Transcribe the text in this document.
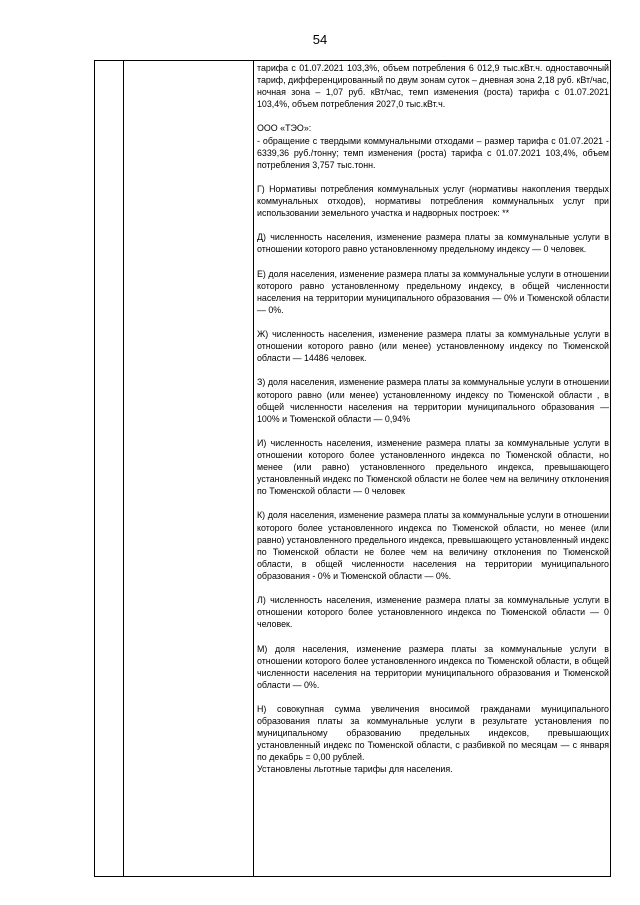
54

тарифа с 01.07.2021 103,3%, объем потребления 6 012,9 тыс.кВт.ч. одноставочный тариф, дифференцированный по двум зонам суток – дневная зона 2,18 руб. кВт/час, ночная зона – 1,07 руб. кВт/час, темп изменения (роста) тарифа с 01.07.2021 103,4%, объем потребления 2027,0 тыс.кВт.ч.

ООО «ТЭО»:

- обращение с твердыми коммунальными отходами – размер тарифа с 01.07.2021 - 6339,36 руб./тонну; темп изменения (роста) тарифа с 01.07.2021 103,4%, объем потребления 3,757 тыс.тонн.

Г) Нормативы потребления коммунальных услуг (нормативы накопления твердых коммунальных отходов), нормативы потребления коммунальных услуг при использовании земельного участка и надворных построек: **

Д) численность населения, изменение размера платы за коммунальные услуги в отношении которого равно установленному предельному индексу — 0 человек.

Е) доля населения, изменение размера платы за коммунальные услуги в отношении которого равно установленному предельному индексу, в общей численности населения на территории муниципального образования — 0% и Тюменской области — 0%.

Ж) численность населения, изменение размера платы за коммунальные услуги в отношении которого равно (или менее) установленному индексу по Тюменской области — 14486 человек.

З) доля населения, изменение размера платы за коммунальные услуги в отношении которого равно (или менее) установленному индексу по Тюменской области , в общей численности населения на территории муниципального образования — 100% и Тюменской области — 0,94%

И) численность населения, изменение размера платы за коммунальные услуги в отношении которого более установленного индекса по Тюменской области, но менее (или равно) установленного предельного индекса, превышающего установленный индекс по Тюменской области не более чем на величину отклонения по Тюменской области — 0 человек

К) доля населения, изменение размера платы за коммунальные услуги в отношении которого более установленного индекса по Тюменской области, но менее (или равно) установленного предельного индекса, превышающего установленный индекс по Тюменской области не более чем на величину отклонения по Тюменской области, в общей численности населения на территории муниципального образования - 0% и Тюменской области — 0%.

Л) численность населения, изменение размера платы за коммунальные услуги в отношении которого более установленного индекса по Тюменской области — 0 человек.

М) доля населения, изменение размера платы за коммунальные услуги в отношении которого более установленного индекса по Тюменской области, в общей численности населения на территории муниципального образования и Тюменской области — 0%.

Н) совокупная сумма увеличения вносимой гражданами муниципального образования платы за коммунальные услуги в результате установления по муниципальному образованию предельных индексов, превышающих установленный индекс по Тюменской области, с разбивкой по месяцам — с января по декабрь = 0,00 рублей.

Установлены льготные тарифы для населения.
